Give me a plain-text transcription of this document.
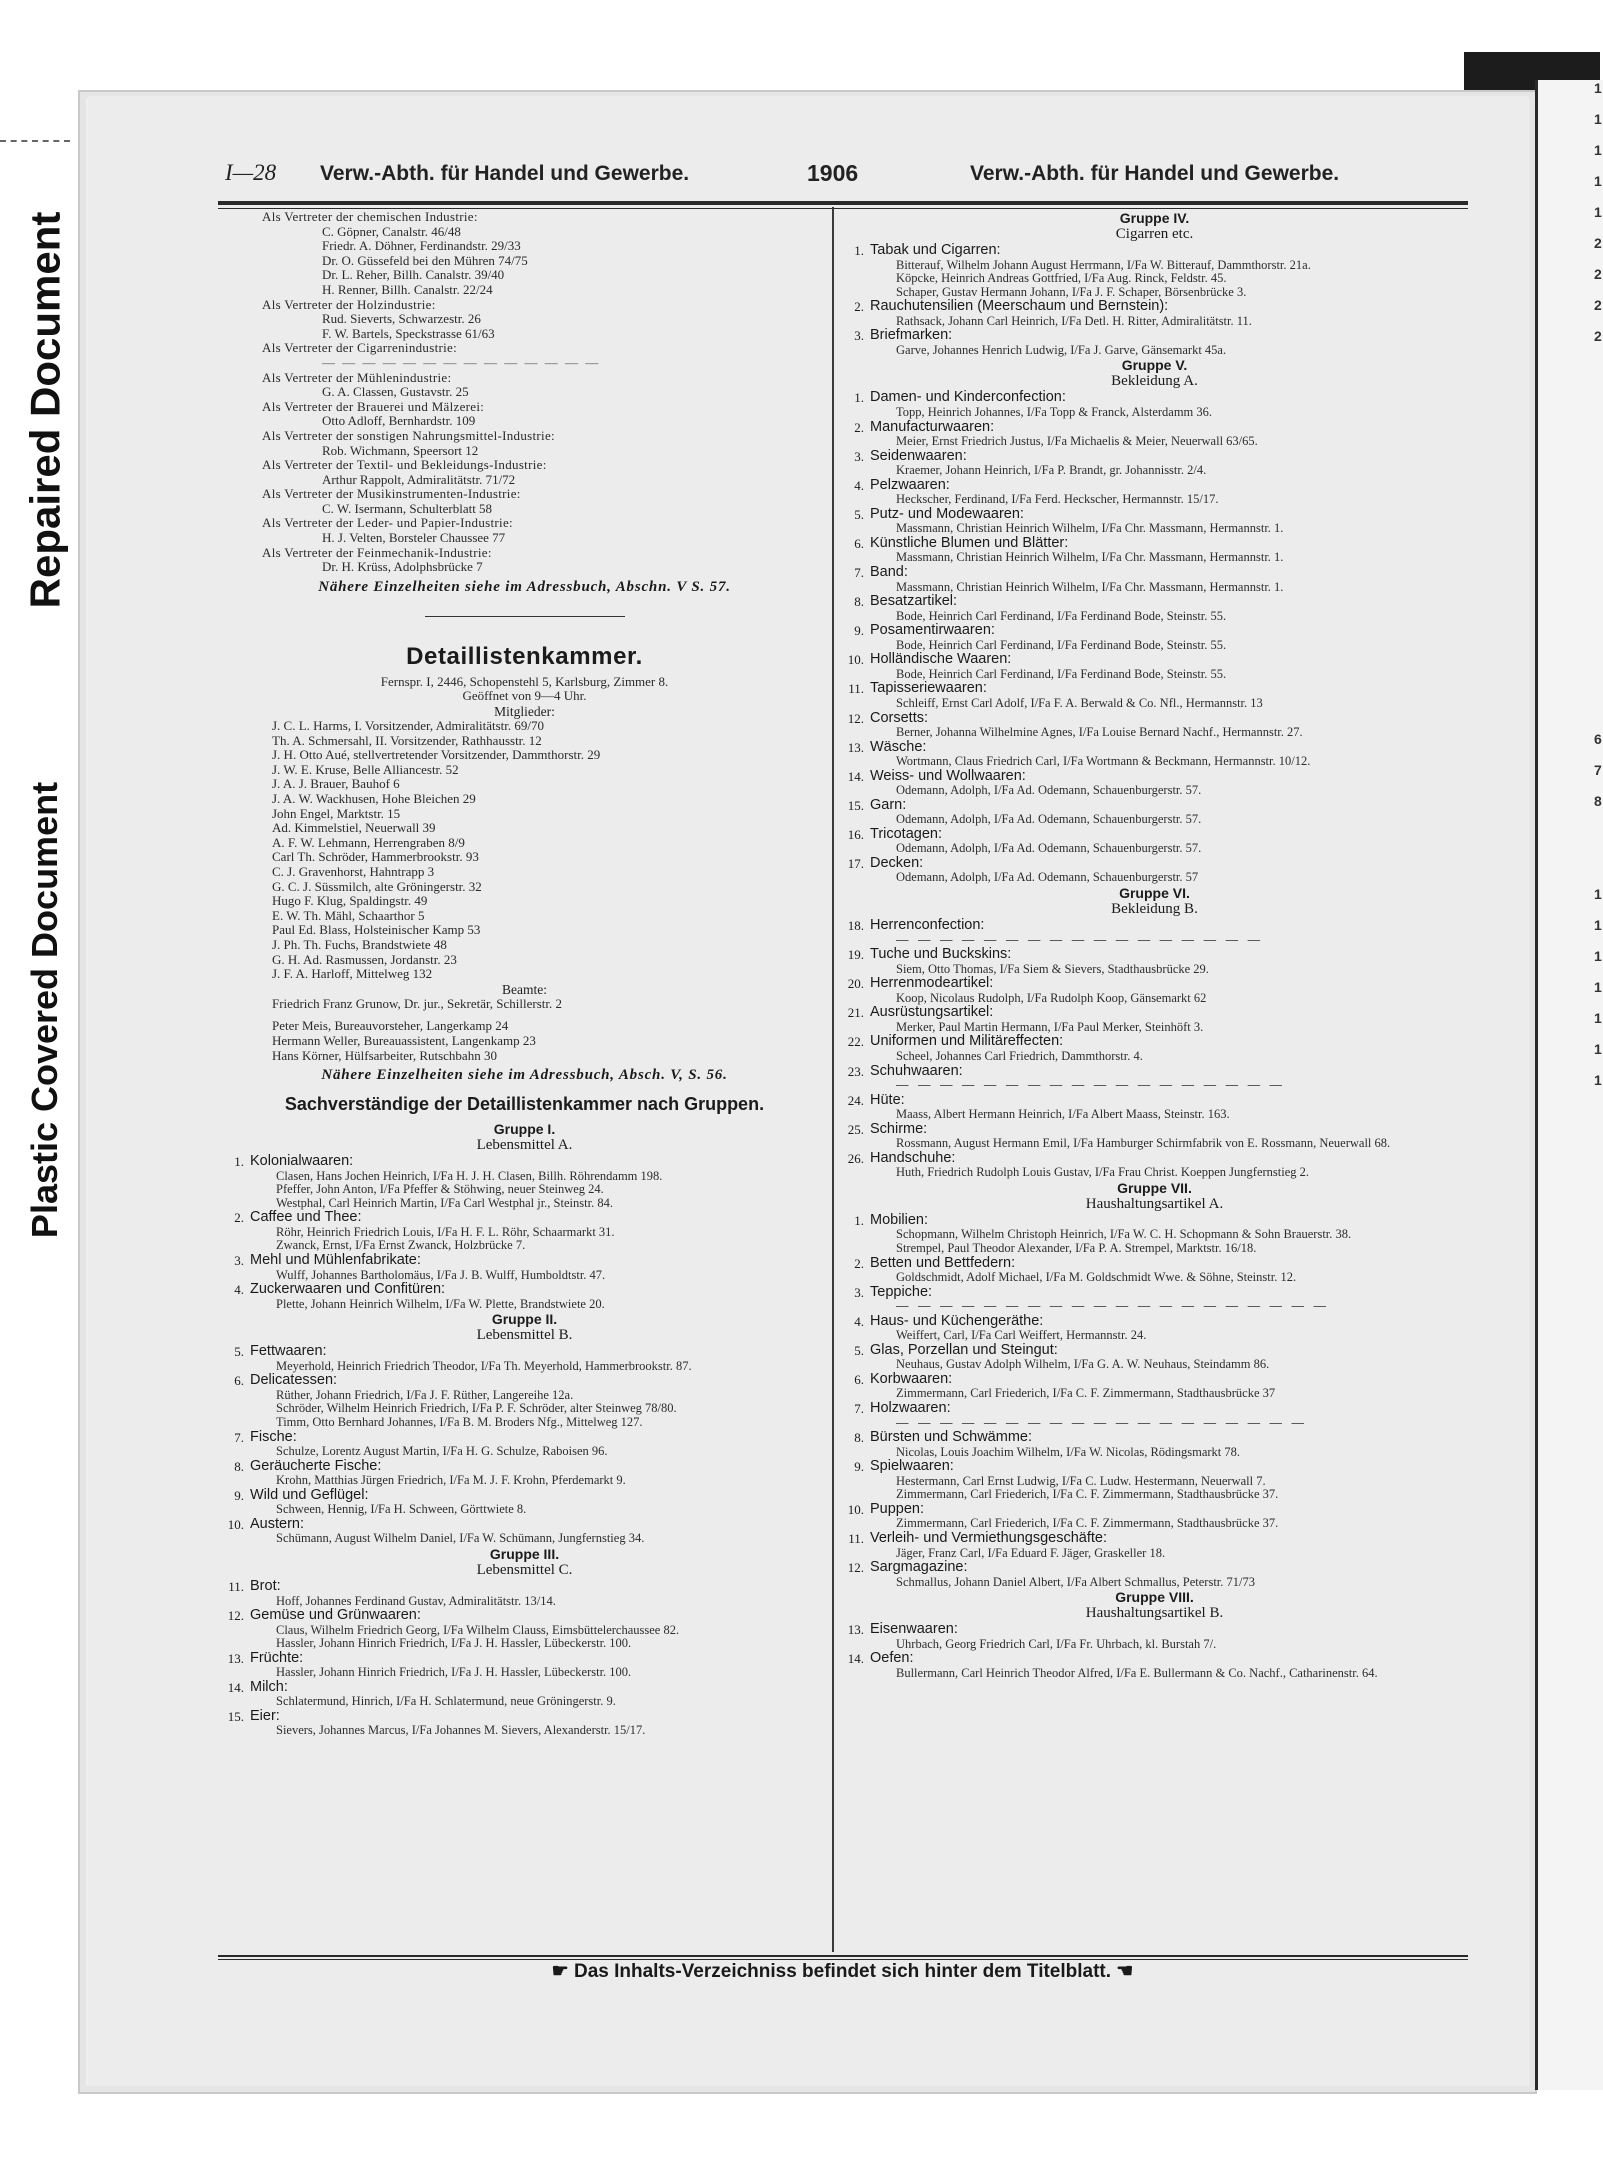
Repaired Document
Plastic Covered Document
1
1
1
1
1
2
2
2
2
6
7
8
1
1
1
1
1
1
1
I—28 Verw.-Abth. für Handel und Gewerbe.	1906	Verw.-Abth. für Handel und Gewerbe.
Als Vertreter der chemischen Industrie:
C. Göpner, Canalstr. 46/48
Friedr. A. Döhner, Ferdinandstr. 29/33
Dr. O. Güssefeld bei den Mühren 74/75
Dr. L. Reher, Billh. Canalstr. 39/40
H. Renner, Billh. Canalstr. 22/24
Als Vertreter der Holzindustrie:
Rud. Sieverts, Schwarzestr. 26
F. W. Bartels, Speckstrasse 61/63
Als Vertreter der Cigarrenindustrie:
— — — — — — — — — — — — — —
Als Vertreter der Mühlenindustrie:
G. A. Classen, Gustavstr. 25
Als Vertreter der Brauerei und Mälzerei:
Otto Adloff, Bernhardstr. 109
Als Vertreter der sonstigen Nahrungsmittel-Industrie:
Rob. Wichmann, Speersort 12
Als Vertreter der Textil- und Bekleidungs-Industrie:
Arthur Rappolt, Admiralitätstr. 71/72
Als Vertreter der Musikinstrumenten-Industrie:
C. W. Isermann, Schulterblatt 58
Als Vertreter der Leder- und Papier-Industrie:
H. J. Velten, Borsteler Chaussee 77
Als Vertreter der Feinmechanik-Industrie:
Dr. H. Krüss, Adolphsbrücke 7
Nähere Einzelheiten siehe im Adressbuch, Abschn. V S. 57.
Detaillistenkammer.
Fernspr. I, 2446, Schopenstehl 5, Karlsburg, Zimmer 8.
Geöffnet von 9—4 Uhr.
Mitglieder:
J. C. L. Harms, I. Vorsitzender, Admiralitätstr. 69/70
Th. A. Schmersahl, II. Vorsitzender, Rathhausstr. 12
J. H. Otto Aué, stellvertretender Vorsitzender, Dammthorstr. 29
J. W. E. Kruse, Belle Alliancestr. 52
J. A. J. Brauer, Bauhof 6
J. A. W. Wackhusen, Hohe Bleichen 29
John Engel, Marktstr. 15
Ad. Kimmelstiel, Neuerwall 39
A. F. W. Lehmann, Herrengraben 8/9
Carl Th. Schröder, Hammerbrookstr. 93
C. J. Gravenhorst, Hahntrapp 3
G. C. J. Süssmilch, alte Gröningerstr. 32
Hugo F. Klug, Spaldingstr. 49
E. W. Th. Mähl, Schaarthor 5
Paul Ed. Blass, Holsteinischer Kamp 53
J. Ph. Th. Fuchs, Brandstwiete 48
G. H. Ad. Rasmussen, Jordanstr. 23
J. F. A. Harloff, Mittelweg 132
Beamte:
Friedrich Franz Grunow, Dr. jur., Sekretär, Schillerstr. 2
Peter Meis, Bureauvorsteher, Langerkamp 24
Hermann Weller, Bureauassistent, Langenkamp 23
Hans Körner, Hülfsarbeiter, Rutschbahn 30
Nähere Einzelheiten siehe im Adressbuch, Absch. V, S. 56.
Sachverständige der Detaillistenkammer nach Gruppen.
Gruppe I.
Lebensmittel A.
1. Kolonialwaaren:
Clasen, Hans Jochen Heinrich, I/Fa H. J. H. Clasen, Billh. Röhrendamm 198.
Pfeffer, John Anton, I/Fa Pfeffer & Stöhwing, neuer Steinweg 24.
Westphal, Carl Heinrich Martin, I/Fa Carl Westphal jr., Steinstr. 84.
2. Caffee und Thee:
Röhr, Heinrich Friedrich Louis, I/Fa H. F. L. Röhr, Schaarmarkt 31.
Zwanck, Ernst, I/Fa Ernst Zwanck, Holzbrücke 7.
3. Mehl und Mühlenfabrikate:
Wulff, Johannes Bartholomäus, I/Fa J. B. Wulff, Humboldtstr. 47.
4. Zuckerwaaren und Confitüren:
Plette, Johann Heinrich Wilhelm, I/Fa W. Plette, Brandstwiete 20.
Gruppe II.
Lebensmittel B.
5. Fettwaaren:
Meyerhold, Heinrich Friedrich Theodor, I/Fa Th. Meyerhold, Hammerbrookstr. 87.
6. Delicatessen:
Rüther, Johann Friedrich, I/Fa J. F. Rüther, Langereihe 12a.
Schröder, Wilhelm Heinrich Friedrich, I/Fa P. F. Schröder, alter Steinweg 78/80.
Timm, Otto Bernhard Johannes, I/Fa B. M. Broders Nfg., Mittelweg 127.
7. Fische:
Schulze, Lorentz August Martin, I/Fa H. G. Schulze, Raboisen 96.
8. Geräucherte Fische:
Krohn, Matthias Jürgen Friedrich, I/Fa M. J. F. Krohn, Pferdemarkt 9.
9. Wild und Geflügel:
Schween, Hennig, I/Fa H. Schween, Görttwiete 8.
10. Austern:
Schümann, August Wilhelm Daniel, I/Fa W. Schümann, Jungfernstieg 34.
Gruppe III.
Lebensmittel C.
11. Brot:
Hoff, Johannes Ferdinand Gustav, Admiralitätstr. 13/14.
12. Gemüse und Grünwaaren:
Claus, Wilhelm Friedrich Georg, I/Fa Wilhelm Clauss, Eimsbüttelerchaussee 82.
Hassler, Johann Hinrich Friedrich, I/Fa J. H. Hassler, Lübeckerstr. 100.
13. Früchte:
Hassler, Johann Hinrich Friedrich, I/Fa J. H. Hassler, Lübeckerstr. 100.
14. Milch:
Schlatermund, Hinrich, I/Fa H. Schlatermund, neue Gröningerstr. 9.
15. Eier:
Sievers, Johannes Marcus, I/Fa Johannes M. Sievers, Alexanderstr. 15/17.
Gruppe IV.
Cigarren etc.
1. Tabak und Cigarren:
Bitterauf, Wilhelm Johann August Herrmann, I/Fa W. Bitterauf, Dammthorstr. 21a.
Köpcke, Heinrich Andreas Gottfried, I/Fa Aug. Rinck, Feldstr. 45.
Schaper, Gustav Hermann Johann, I/Fa J. F. Schaper, Börsenbrücke 3.
2. Rauchutensilien (Meerschaum und Bernstein):
Rathsack, Johann Carl Heinrich, I/Fa Detl. H. Ritter, Admiralitätstr. 11.
3. Briefmarken:
Garve, Johannes Henrich Ludwig, I/Fa J. Garve, Gänsemarkt 45a.
Gruppe V.
Bekleidung A.
1. Damen- und Kinderconfection:
Topp, Heinrich Johannes, I/Fa Topp & Franck, Alsterdamm 36.
2. Manufacturwaaren:
Meier, Ernst Friedrich Justus, I/Fa Michaelis & Meier, Neuerwall 63/65.
3. Seidenwaaren:
Kraemer, Johann Heinrich, I/Fa P. Brandt, gr. Johannisstr. 2/4.
4. Pelzwaaren:
Heckscher, Ferdinand, I/Fa Ferd. Heckscher, Hermannstr. 15/17.
5. Putz- und Modewaaren:
Massmann, Christian Heinrich Wilhelm, I/Fa Chr. Massmann, Hermannstr. 1.
6. Künstliche Blumen und Blätter:
Massmann, Christian Heinrich Wilhelm, I/Fa Chr. Massmann, Hermannstr. 1.
7. Band:
Massmann, Christian Heinrich Wilhelm, I/Fa Chr. Massmann, Hermannstr. 1.
8. Besatzartikel:
Bode, Heinrich Carl Ferdinand, I/Fa Ferdinand Bode, Steinstr. 55.
9. Posamentirwaaren:
Bode, Heinrich Carl Ferdinand, I/Fa Ferdinand Bode, Steinstr. 55.
10. Holländische Waaren:
Bode, Heinrich Carl Ferdinand, I/Fa Ferdinand Bode, Steinstr. 55.
11. Tapisseriewaaren:
Schleiff, Ernst Carl Adolf, I/Fa F. A. Berwald & Co. Nfl., Hermannstr. 13
12. Corsetts:
Berner, Johanna Wilhelmine Agnes, I/Fa Louise Bernard Nachf., Hermannstr. 27.
13. Wäsche:
Wortmann, Claus Friedrich Carl, I/Fa Wortmann & Beckmann, Hermannstr. 10/12.
14. Weiss- und Wollwaaren:
Odemann, Adolph, I/Fa Ad. Odemann, Schauenburgerstr. 57.
15. Garn:
Odemann, Adolph, I/Fa Ad. Odemann, Schauenburgerstr. 57.
16. Tricotagen:
Odemann, Adolph, I/Fa Ad. Odemann, Schauenburgerstr. 57.
17. Decken:
Odemann, Adolph, I/Fa Ad. Odemann, Schauenburgerstr. 57
Gruppe VI.
Bekleidung B.
18. Herrenconfection:
— — — — — — — — — — — — — — — — —
19. Tuche und Buckskins:
Siem, Otto Thomas, I/Fa Siem & Sievers, Stadthausbrücke 29.
20. Herrenmodeartikel:
Koop, Nicolaus Rudolph, I/Fa Rudolph Koop, Gänsemarkt 62
21. Ausrüstungsartikel:
Merker, Paul Martin Hermann, I/Fa Paul Merker, Steinhöft 3.
22. Uniformen und Militäreffecten:
Scheel, Johannes Carl Friedrich, Dammthorstr. 4.
23. Schuhwaaren:
— — — — — — — — — — — — — — — — — —
24. Hüte:
Maass, Albert Hermann Heinrich, I/Fa Albert Maass, Steinstr. 163.
25. Schirme:
Rossmann, August Hermann Emil, I/Fa Hamburger Schirmfabrik von E. Rossmann, Neuerwall 68.
26. Handschuhe:
Huth, Friedrich Rudolph Louis Gustav, I/Fa Frau Christ. Koeppen Jungfernstieg 2.
Gruppe VII.
Haushaltungsartikel A.
1. Mobilien:
Schopmann, Wilhelm Christoph Heinrich, I/Fa W. C. H. Schopmann & Sohn Brauerstr. 38.
Strempel, Paul Theodor Alexander, I/Fa P. A. Strempel, Marktstr. 16/18.
2. Betten und Bettfedern:
Goldschmidt, Adolf Michael, I/Fa M. Goldschmidt Wwe. & Söhne, Steinstr. 12.
3. Teppiche:
— — — — — — — — — — — — — — — — — — — —
4. Haus- und Küchengeräthe:
Weiffert, Carl, I/Fa Carl Weiffert, Hermannstr. 24.
5. Glas, Porzellan und Steingut:
Neuhaus, Gustav Adolph Wilhelm, I/Fa G. A. W. Neuhaus, Steindamm 86.
6. Korbwaaren:
Zimmermann, Carl Friederich, I/Fa C. F. Zimmermann, Stadthausbrücke 37
7. Holzwaaren:
— — — — — — — — — — — — — — — — — — —
8. Bürsten und Schwämme:
Nicolas, Louis Joachim Wilhelm, I/Fa W. Nicolas, Rödingsmarkt 78.
9. Spielwaaren:
Hestermann, Carl Ernst Ludwig, I/Fa C. Ludw. Hestermann, Neuerwall 7.
Zimmermann, Carl Friederich, I/Fa C. F. Zimmermann, Stadthausbrücke 37.
10. Puppen:
Zimmermann, Carl Friederich, I/Fa C. F. Zimmermann, Stadthausbrücke 37.
11. Verleih- und Vermiethungsgeschäfte:
Jäger, Franz Carl, I/Fa Eduard F. Jäger, Graskeller 18.
12. Sargmagazine:
Schmallus, Johann Daniel Albert, I/Fa Albert Schmallus, Peterstr. 71/73
Gruppe VIII.
Haushaltungsartikel B.
13. Eisenwaaren:
Uhrbach, Georg Friedrich Carl, I/Fa Fr. Uhrbach, kl. Burstah 7/.
14. Oefen:
Bullermann, Carl Heinrich Theodor Alfred, I/Fa E. Bullermann & Co. Nachf., Catharinenstr. 64.
☛ Das Inhalts-Verzeichniss befindet sich hinter dem Titelblatt. ☚
